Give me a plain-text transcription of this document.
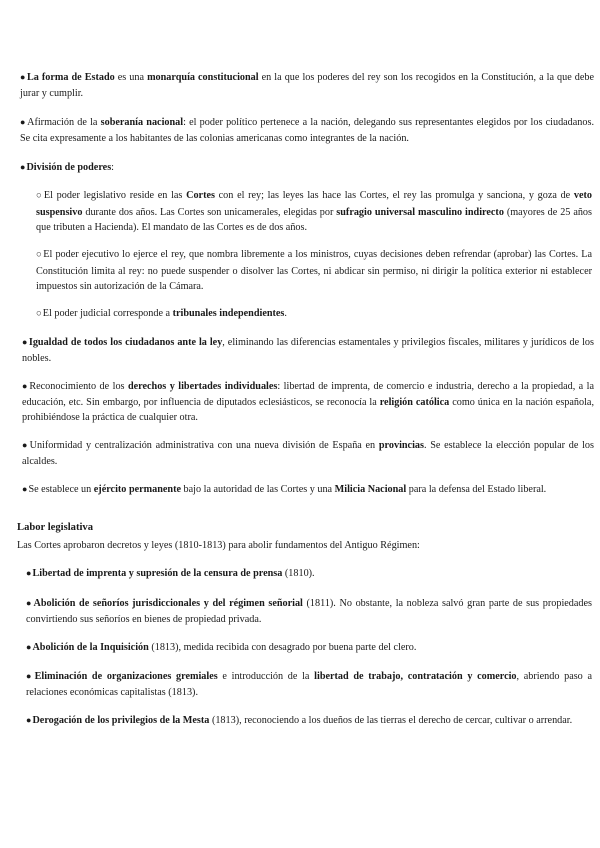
●La forma de Estado es una monarquía constitucional en la que los poderes del rey son los recogidos en la Constitución, a la que debe jurar y cumplir.

●Afirmación de la soberanía nacional: el poder político pertenece a la nación, delegando sus representantes elegidos por los ciudadanos. Se cita expresamente a los habitantes de las colonias americanas como integrantes de la nación.

●División de poderes:

○El poder legislativo reside en las Cortes con el rey; las leyes las hace las Cortes, el rey las promulga y sanciona, y goza de veto suspensivo durante dos años. Las Cortes son unicamerales, elegidas por sufragio universal masculino indirecto (mayores de 25 años que tributen a Hacienda). El mandato de las Cortes es de dos años.

○El poder ejecutivo lo ejerce el rey, que nombra libremente a los ministros, cuyas decisiones deben refrendar (aprobar) las Cortes. La Constitución limita al rey: no puede suspender o disolver las Cortes, ni abdicar sin permiso, ni dirigir la política exterior ni establecer impuestos sin autorización de la Cámara.

○El poder judicial corresponde a tribunales independientes.

●Igualdad de todos los ciudadanos ante la ley, eliminando las diferencias estamentales y privilegios fiscales, militares y jurídicos de los nobles.

●Reconocimiento de los derechos y libertades individuales: libertad de imprenta, de comercio e industria, derecho a la propiedad, a la educación, etc. Sin embargo, por influencia de diputados eclesiásticos, se reconocía la religión católica como única en la nación española, prohibiéndose la práctica de cualquier otra.

●Uniformidad y centralización administrativa con una nueva división de España en provincias. Se establece la elección popular de los alcaldes.

●Se establece un ejército permanente bajo la autoridad de las Cortes y una Milicia Nacional para la defensa del Estado liberal.

Labor legislativa

Las Cortes aprobaron decretos y leyes (1810-1813) para abolir fundamentos del Antiguo Régimen:

●Libertad de imprenta y supresión de la censura de prensa (1810).

●Abolición de señoríos jurisdiccionales y del régimen señorial (1811). No obstante, la nobleza salvó gran parte de sus propiedades convirtiendo sus señoríos en bienes de propiedad privada.

●Abolición de la Inquisición (1813), medida recibida con desagrado por buena parte del clero.

●Eliminación de organizaciones gremiales e introducción de la libertad de trabajo, contratación y comercio, abriendo paso a relaciones económicas capitalistas (1813).

●Derogación de los privilegios de la Mesta (1813), reconociendo a los dueños de las tierras el derecho de cercar, cultivar o arrendar.
